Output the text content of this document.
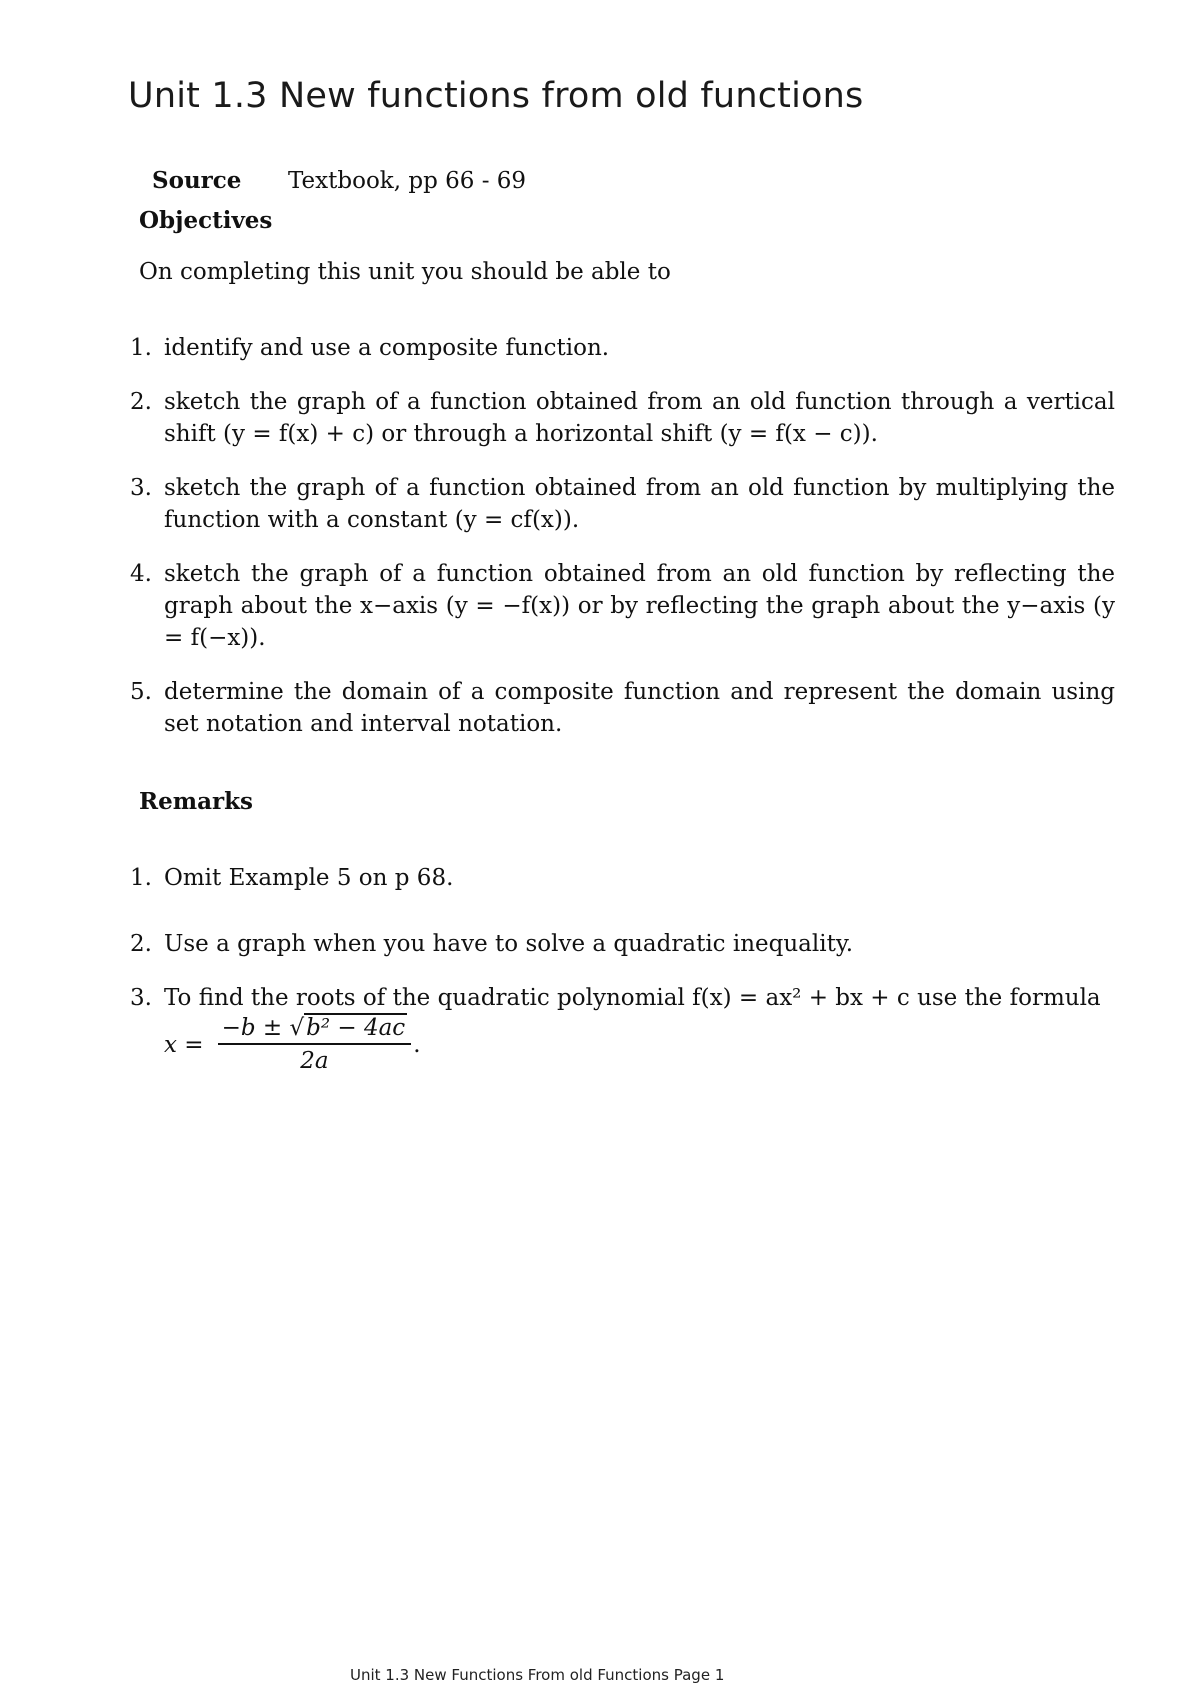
Unit 1.3 New functions from old functions
Source Textbook, pp 66 - 69
Objectives
On completing this unit you should be able to
1. identify and use a composite function.
2. sketch the graph of a function obtained from an old function through a vertical shift (y = f(x) + c) or through a horizontal shift (y = f(x − c)).
3. sketch the graph of a function obtained from an old function by multiplying the function with a constant (y = cf(x)).
4. sketch the graph of a function obtained from an old function by reflecting the graph about the x−axis (y = −f(x)) or by reflecting the graph about the y−axis (y = f(−x)).
5. determine the domain of a composite function and represent the domain using set notation and interval notation.
Remarks
1. Omit Example 5 on p 68.
2. Use a graph when you have to solve a quadratic inequality.
3. To find the roots of the quadratic polynomial f(x) = ax² + bx + c use the formula
$x = \frac{\text{−b ± √b² − 4ac}}{2a}$ .
Unit 1.3 New Functions From old Functions Page 1
